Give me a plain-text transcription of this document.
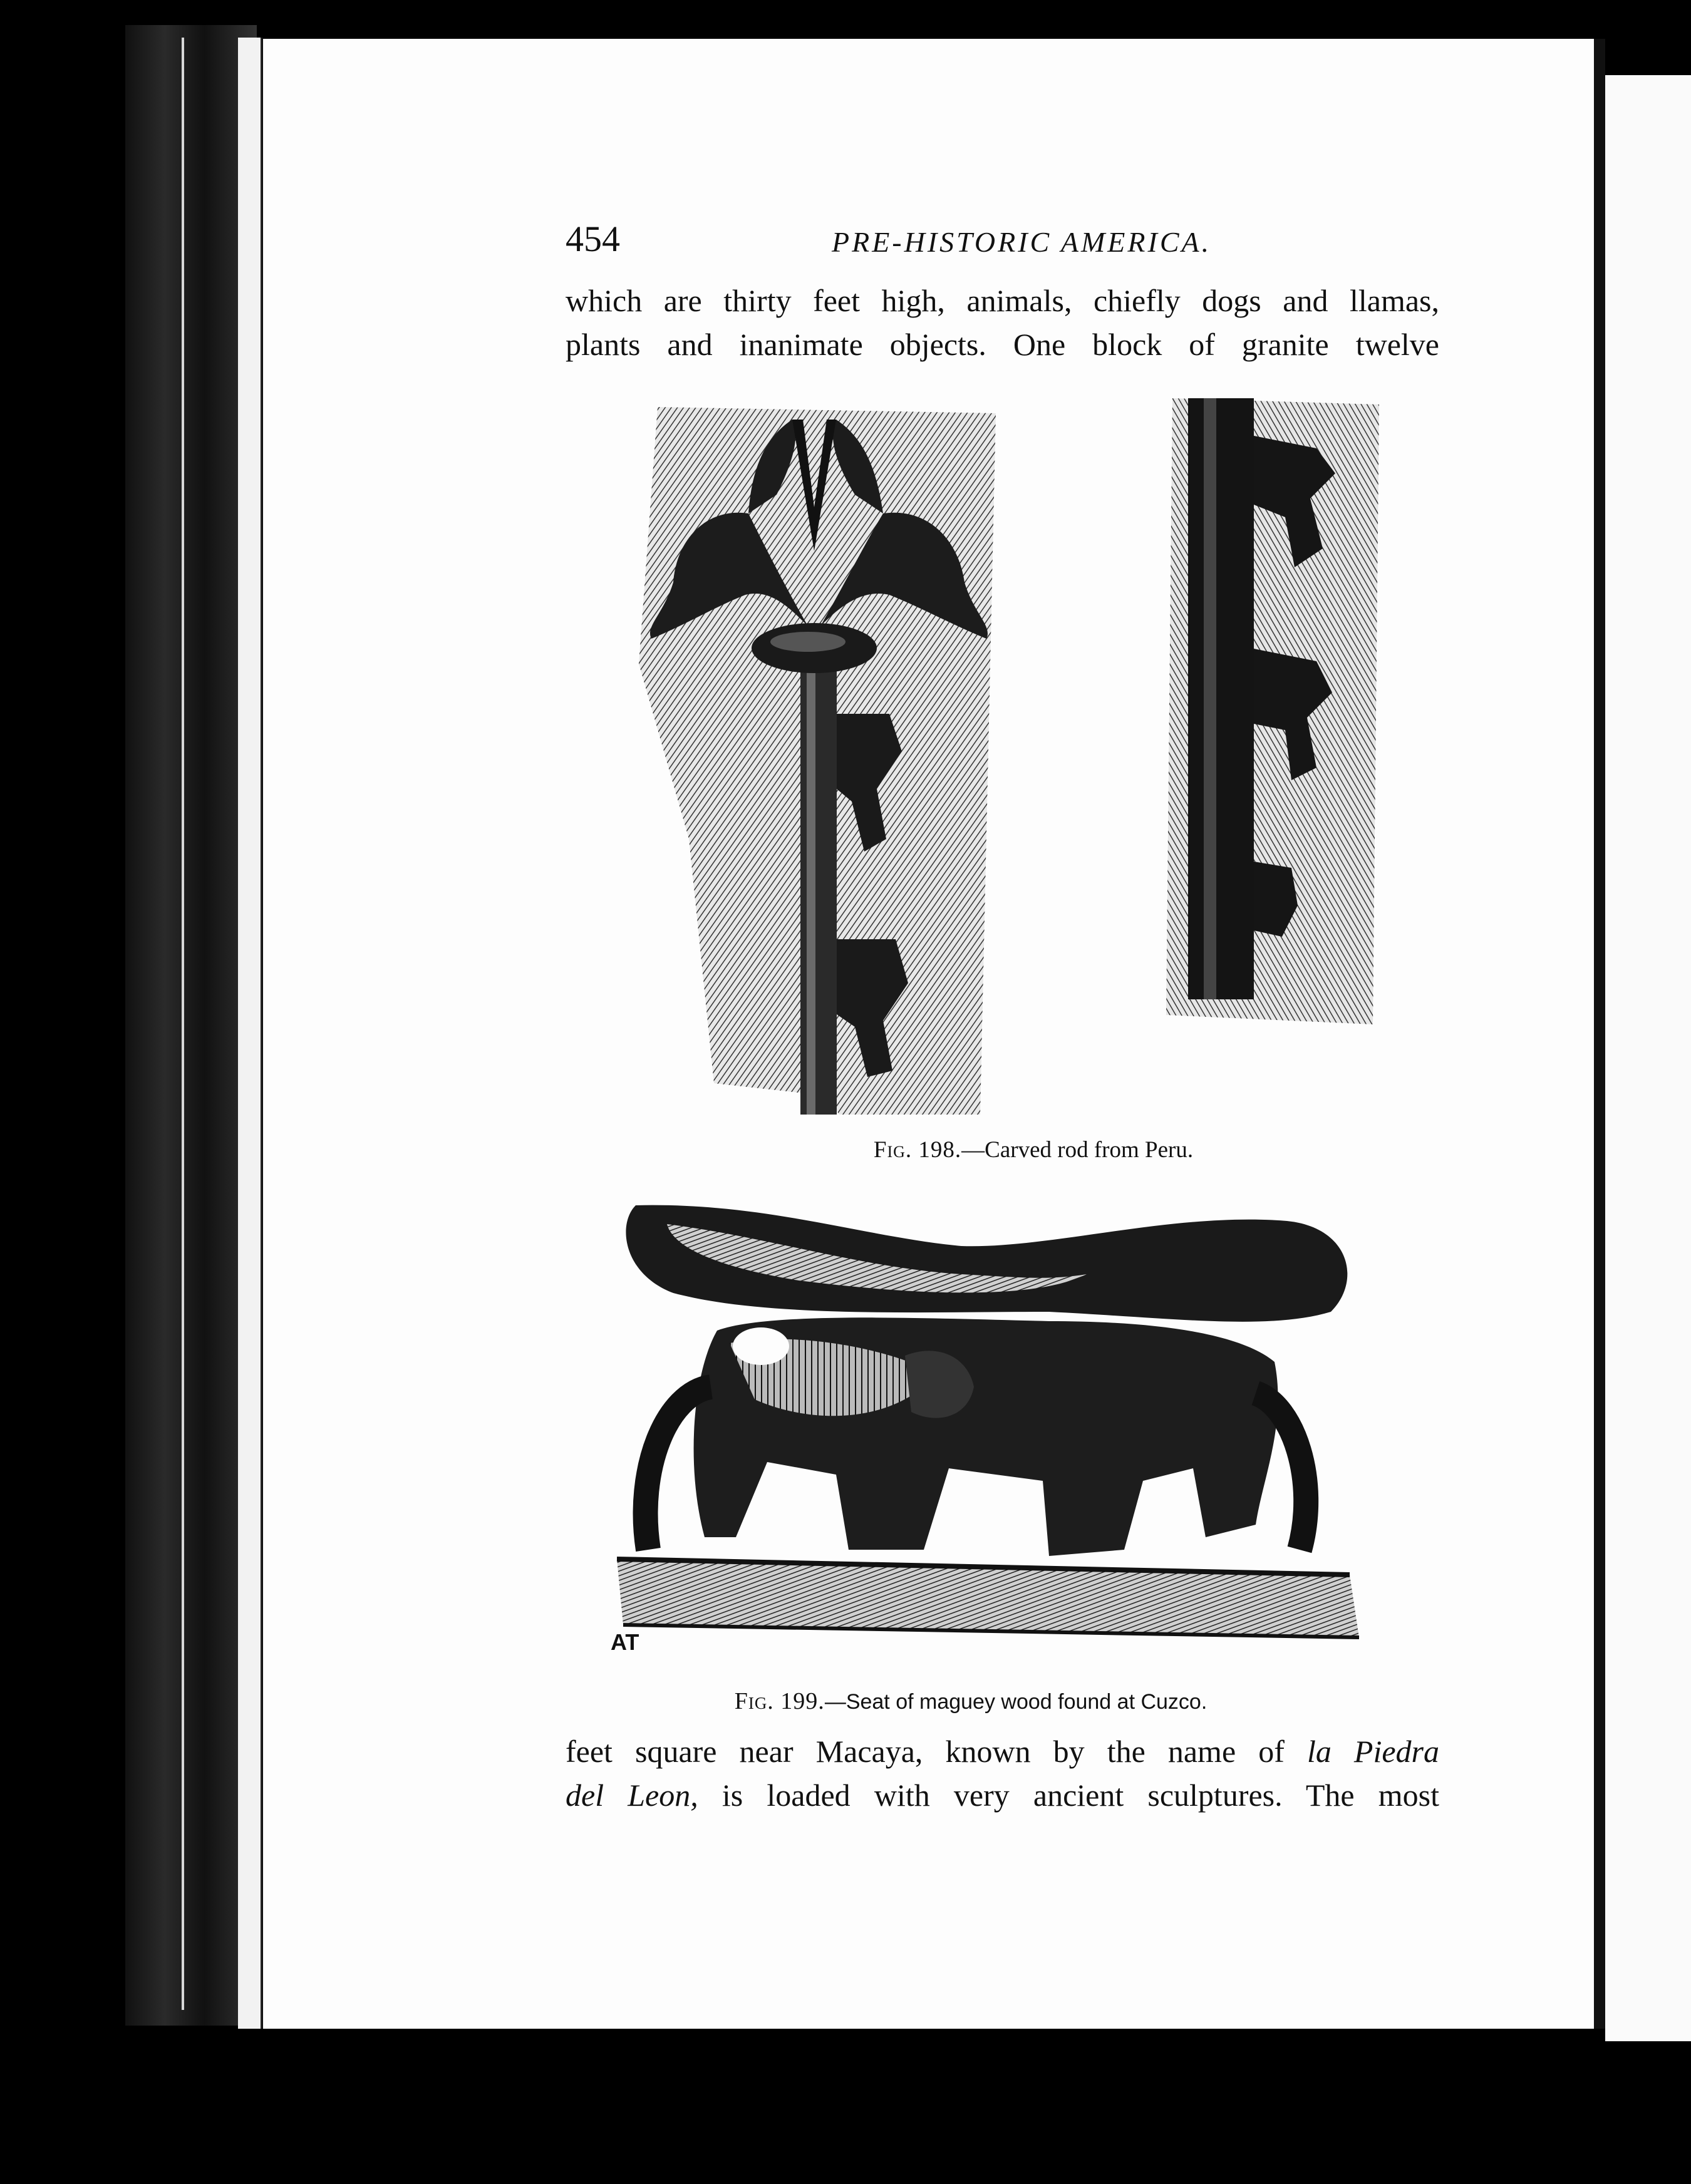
454	PRE-HISTORIC AMERICA.
which are thirty feet high, animals, chiefly dogs and llamas,
plants and inanimate objects. One block of granite twelve
Fig. 198.—Carved rod from Peru.
AT
Fig. 199.—Seat of maguey wood found at Cuzco.
feet square near Macaya, known by the name of la Piedra
del Leon, is loaded with very ancient sculptures. The most
